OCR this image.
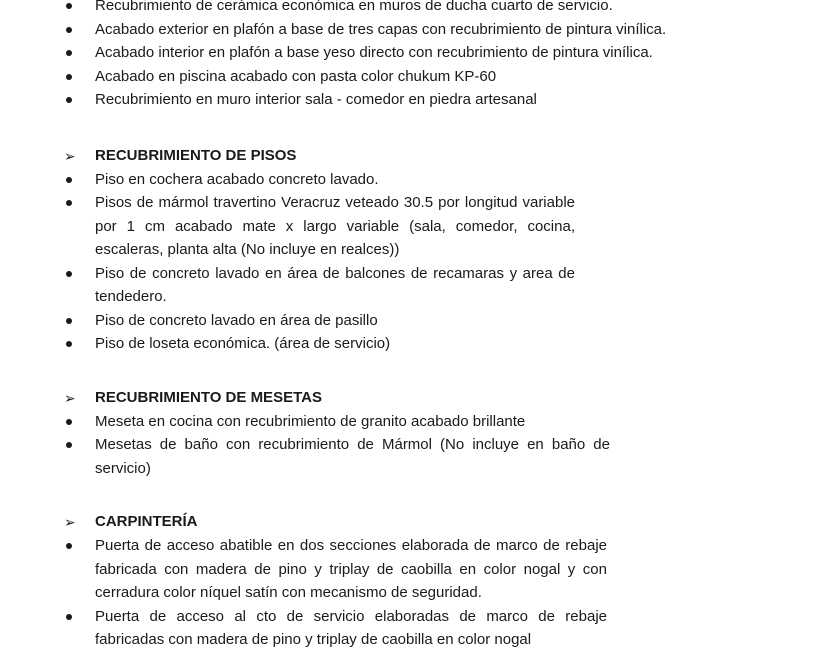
Recubrimiento de cerámica económica en muros de ducha cuarto de servicio.
Acabado exterior en plafón a base de tres capas con recubrimiento de pintura vinílica.
Acabado interior en plafón a base yeso directo con recubrimiento de pintura vinílica.
Acabado en piscina acabado con pasta color chukum KP-60
Recubrimiento en muro interior sala - comedor en piedra artesanal
➢ RECUBRIMIENTO DE PISOS
Piso en cochera acabado concreto lavado.
Pisos de mármol travertino Veracruz veteado 30.5 por longitud variable por 1 cm acabado mate x largo variable (sala, comedor, cocina, escaleras, planta alta (No incluye en realces))
Piso de concreto lavado en área de balcones de recamaras y area de tendedero.
Piso de concreto lavado en área de pasillo
Piso de loseta económica. (área de servicio)
➢ RECUBRIMIENTO DE MESETAS
Meseta en cocina con recubrimiento de granito acabado brillante
Mesetas de baño con recubrimiento de Mármol (No incluye en baño de servicio)
➢ CARPINTERÍA
Puerta de acceso abatible en dos secciones elaborada de marco de rebaje fabricada con madera de pino y triplay de caobilla en color nogal y con cerradura color níquel satín con mecanismo de seguridad.
Puerta de acceso al cto de servicio elaboradas de marco de rebaje fabricadas con madera de pino y triplay de caobilla en color nogal
